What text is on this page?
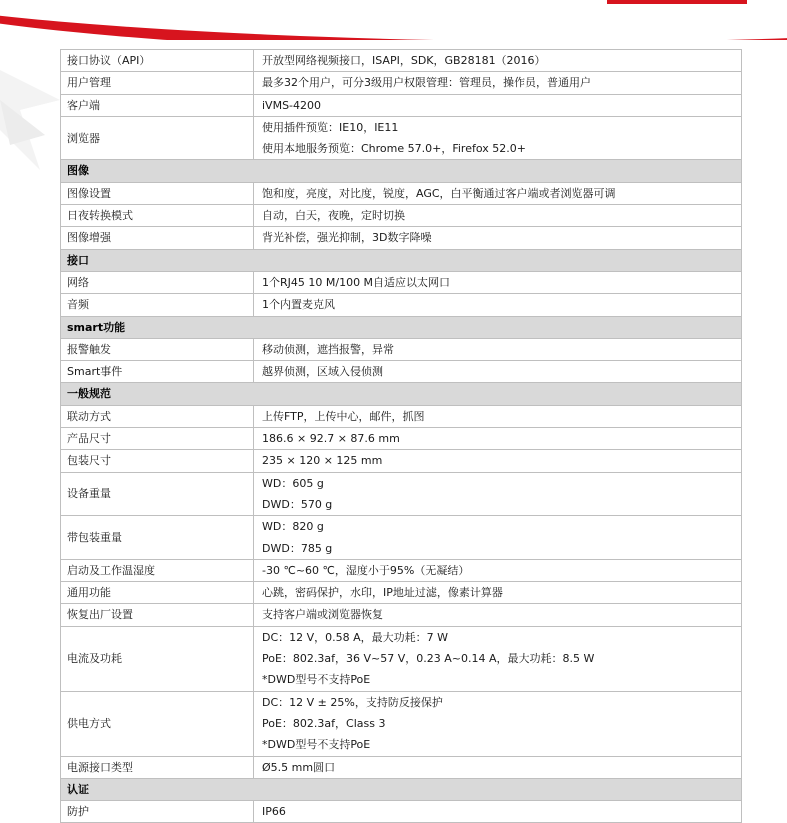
接口协议（API）	开放型网络视频接口，ISAPI，SDK，GB28181（2016）

用户管理	最多32个用户，可分3级用户权限管理：管理员，操作员，普通用户

客户端	iVMS-4200

浏览器	使用插件预览：IE10，IE11
使用本地服务预览：Chrome 57.0+，Firefox 52.0+

图像	
图像设置	饱和度，亮度，对比度，锐度，AGC，白平衡通过客户端或者浏览器可调

日夜转换模式	自动，白天，夜晚，定时切换

图像增强	背光补偿，强光抑制，3D数字降噪

接口	
网络	1个RJ45 10 M/100 M自适应以太网口

音频	1个内置麦克风

smart功能	
报警触发	移动侦测，遮挡报警，异常

Smart事件	越界侦测，区域入侵侦测

一般规范	
联动方式	上传FTP，上传中心，邮件，抓图

产品尺寸	186.6 × 92.7 × 87.6 mm

包装尺寸	235 × 120 × 125 mm

设备重量	WD：605 g
DWD：570 g

带包装重量	WD：820 g
DWD：785 g

启动及工作温湿度	-30 ℃~60 ℃，湿度小于95%（无凝结）

通用功能	心跳，密码保护，水印，IP地址过滤，像素计算器

恢复出厂设置	支持客户端或浏览器恢复

电流及功耗	DC：12 V，0.58 A，最大功耗：7 W
PoE：802.3af，36 V~57 V，0.23 A~0.14 A，最大功耗：8.5 W
*DWD型号不支持PoE

供电方式	DC：12 V ± 25%，支持防反接保护
PoE：802.3af，Class 3
*DWD型号不支持PoE

电源接口类型	Ø5.5 mm圆口

认证	
防护	IP66
